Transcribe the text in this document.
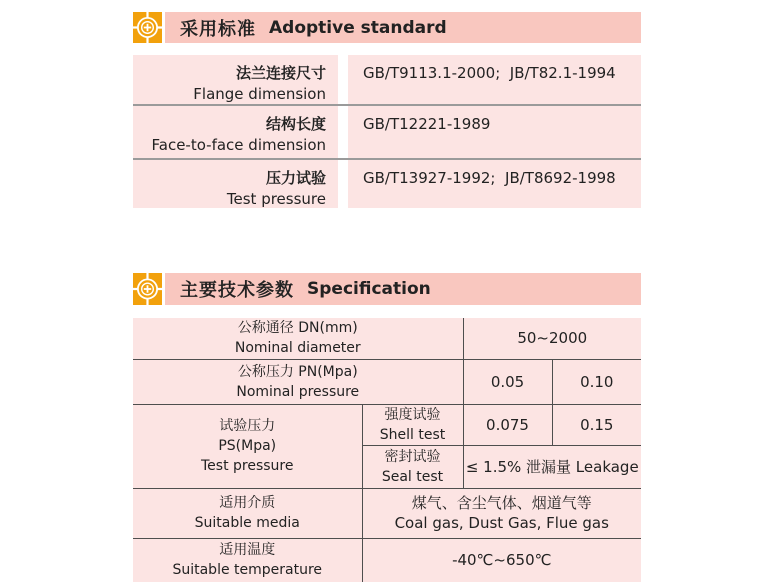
采用标准 Adoptive standard
法兰连接尺寸
Flange dimension
GB/T9113.1-2000;  JB/T82.1-1994
结构长度
Face-to-face dimension
GB/T12221-1989
压力试验
Test pressure
GB/T13927-1992;  JB/T8692-1998
主要技术参数 Specification
公称通径 DN(mm)
Nominal diameter		50~2000	

公称压力 PN(Mpa)
Nominal pressure		0.05	0.10

试验压力
PS(Mpa)
Test pressure	强度试验
Shell test	0.075	0.15

	密封试验
Seal test	≤ 1.5% 泄漏量 Leakage	

适用介质
Suitable media	煤气、含尘气体、烟道气等
Coal gas, Dust Gas, Flue gas		

适用温度
Suitable temperature	-40℃~650℃		
